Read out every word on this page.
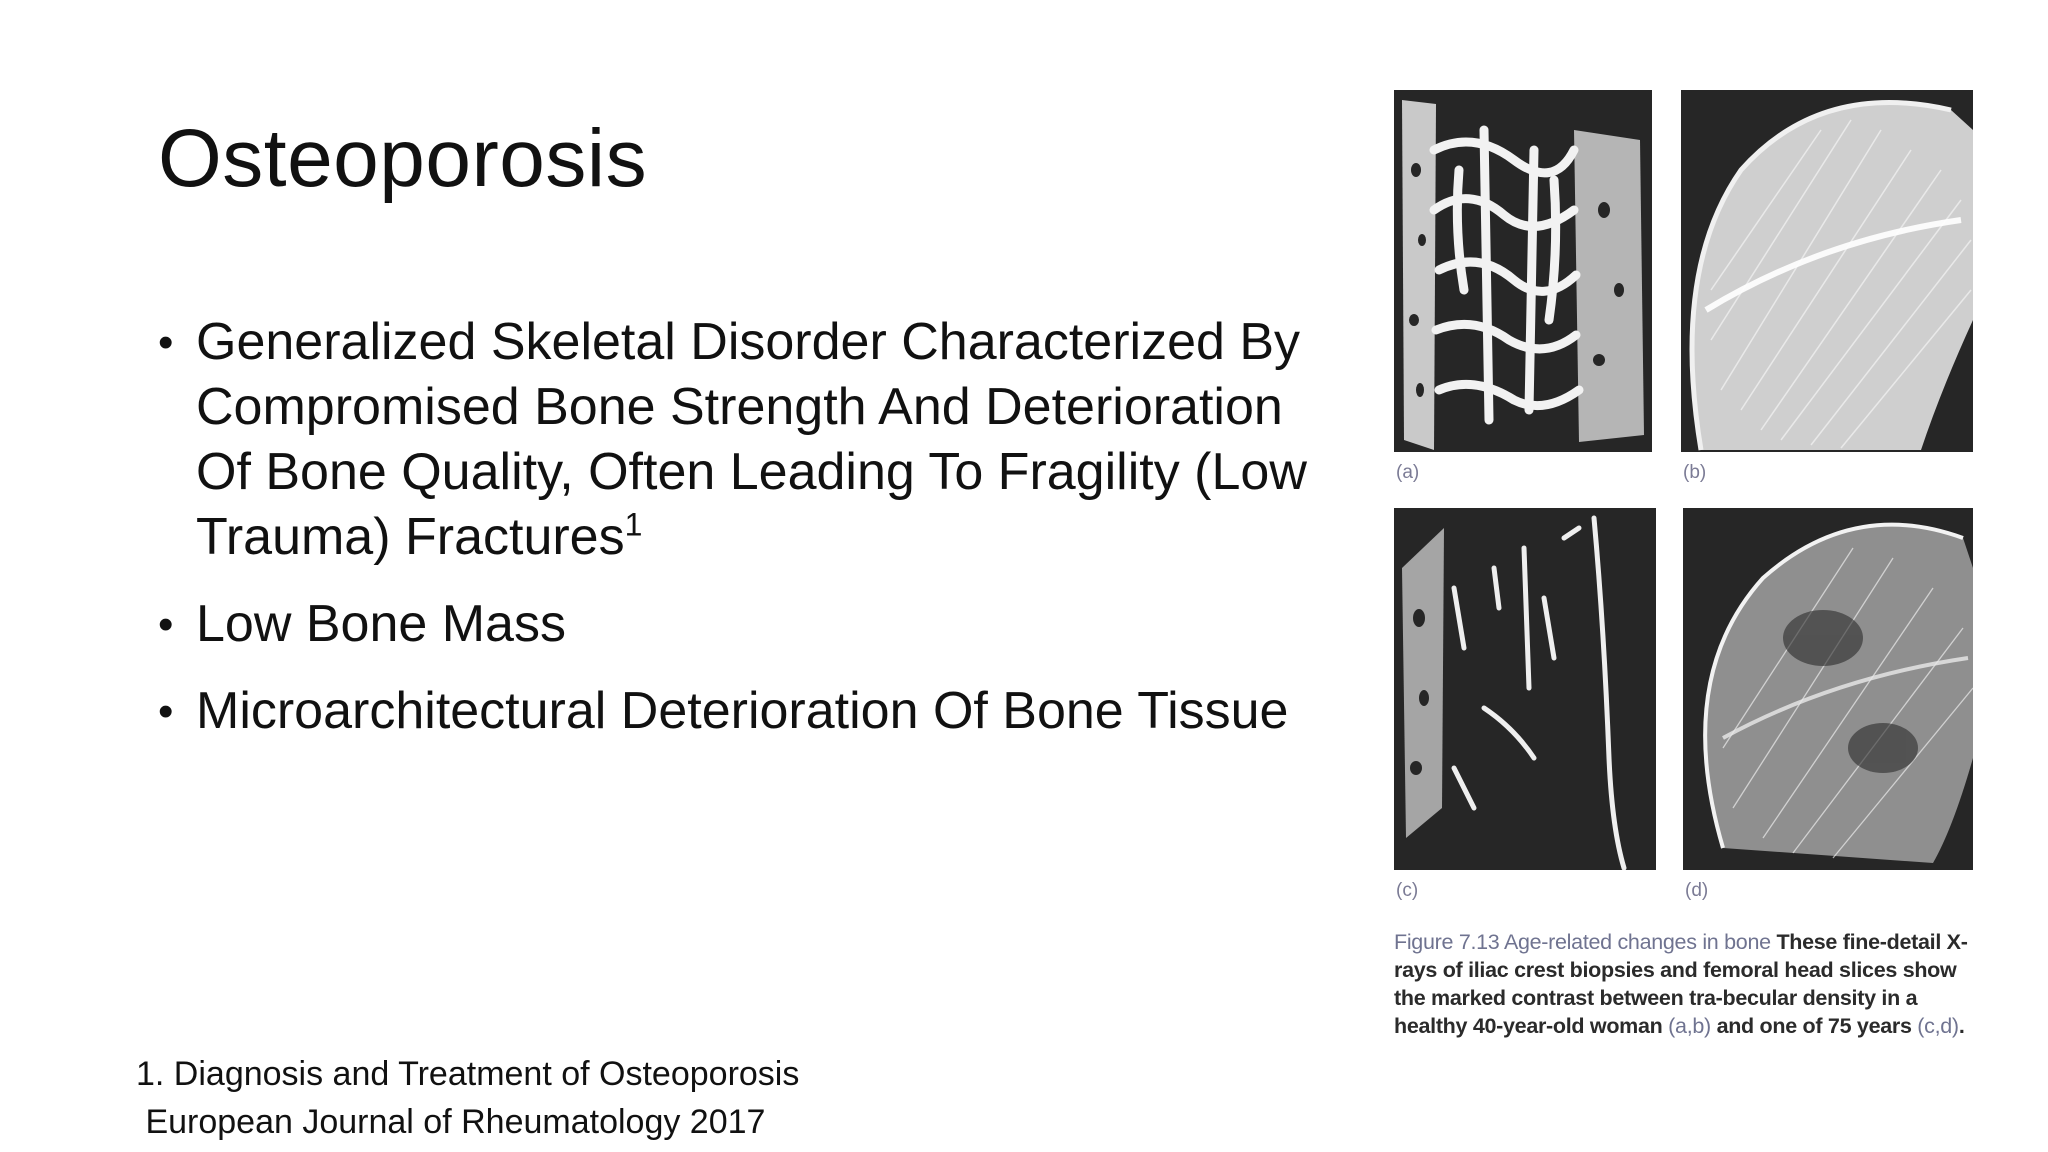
Osteoporosis
• Generalized Skeletal Disorder Characterized By Compromised Bone Strength And Deterioration Of Bone Quality, Often Leading To Fragility (Low Trauma) Fractures$^1$
• Low Bone Mass
• Microarchitectural Deterioration Of Bone Tissue
1. Diagnosis and Treatment of Osteoporosis
European Journal of Rheumatology 2017
(a)	(b)
(c)	(d)
Figure 7.13 Age-related changes in bone These fine-detail X-rays of iliac crest biopsies and femoral head slices show the marked contrast between tra-becular density in a healthy 40-year-old woman (a,b) and one of 75 years (c,d).
